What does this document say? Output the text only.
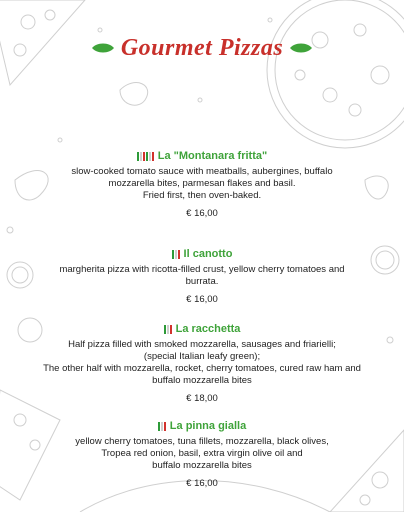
Gourmet Pizzas
La "Montanara fritta"
slow-cooked tomato sauce with meatballs, aubergines, buffalo
mozzarella bites, parmesan flakes and basil.
Fried first, then oven-baked.
€ 16,00
Il canotto
margherita pizza with ricotta-filled crust, yellow cherry tomatoes and
burrata.
€ 16,00
La racchetta
Half pizza filled with smoked mozzarella, sausages and friarielli;
(special Italian leafy green);
The other half with mozzarella, rocket, cherry tomatoes, cured raw ham and
buffalo mozzarella bites
€ 18,00
La pinna gialla
yellow cherry tomatoes, tuna fillets, mozzarella, black olives,
Tropea red onion, basil, extra virgin olive oil and
buffalo mozzarella bites
€ 16,00
